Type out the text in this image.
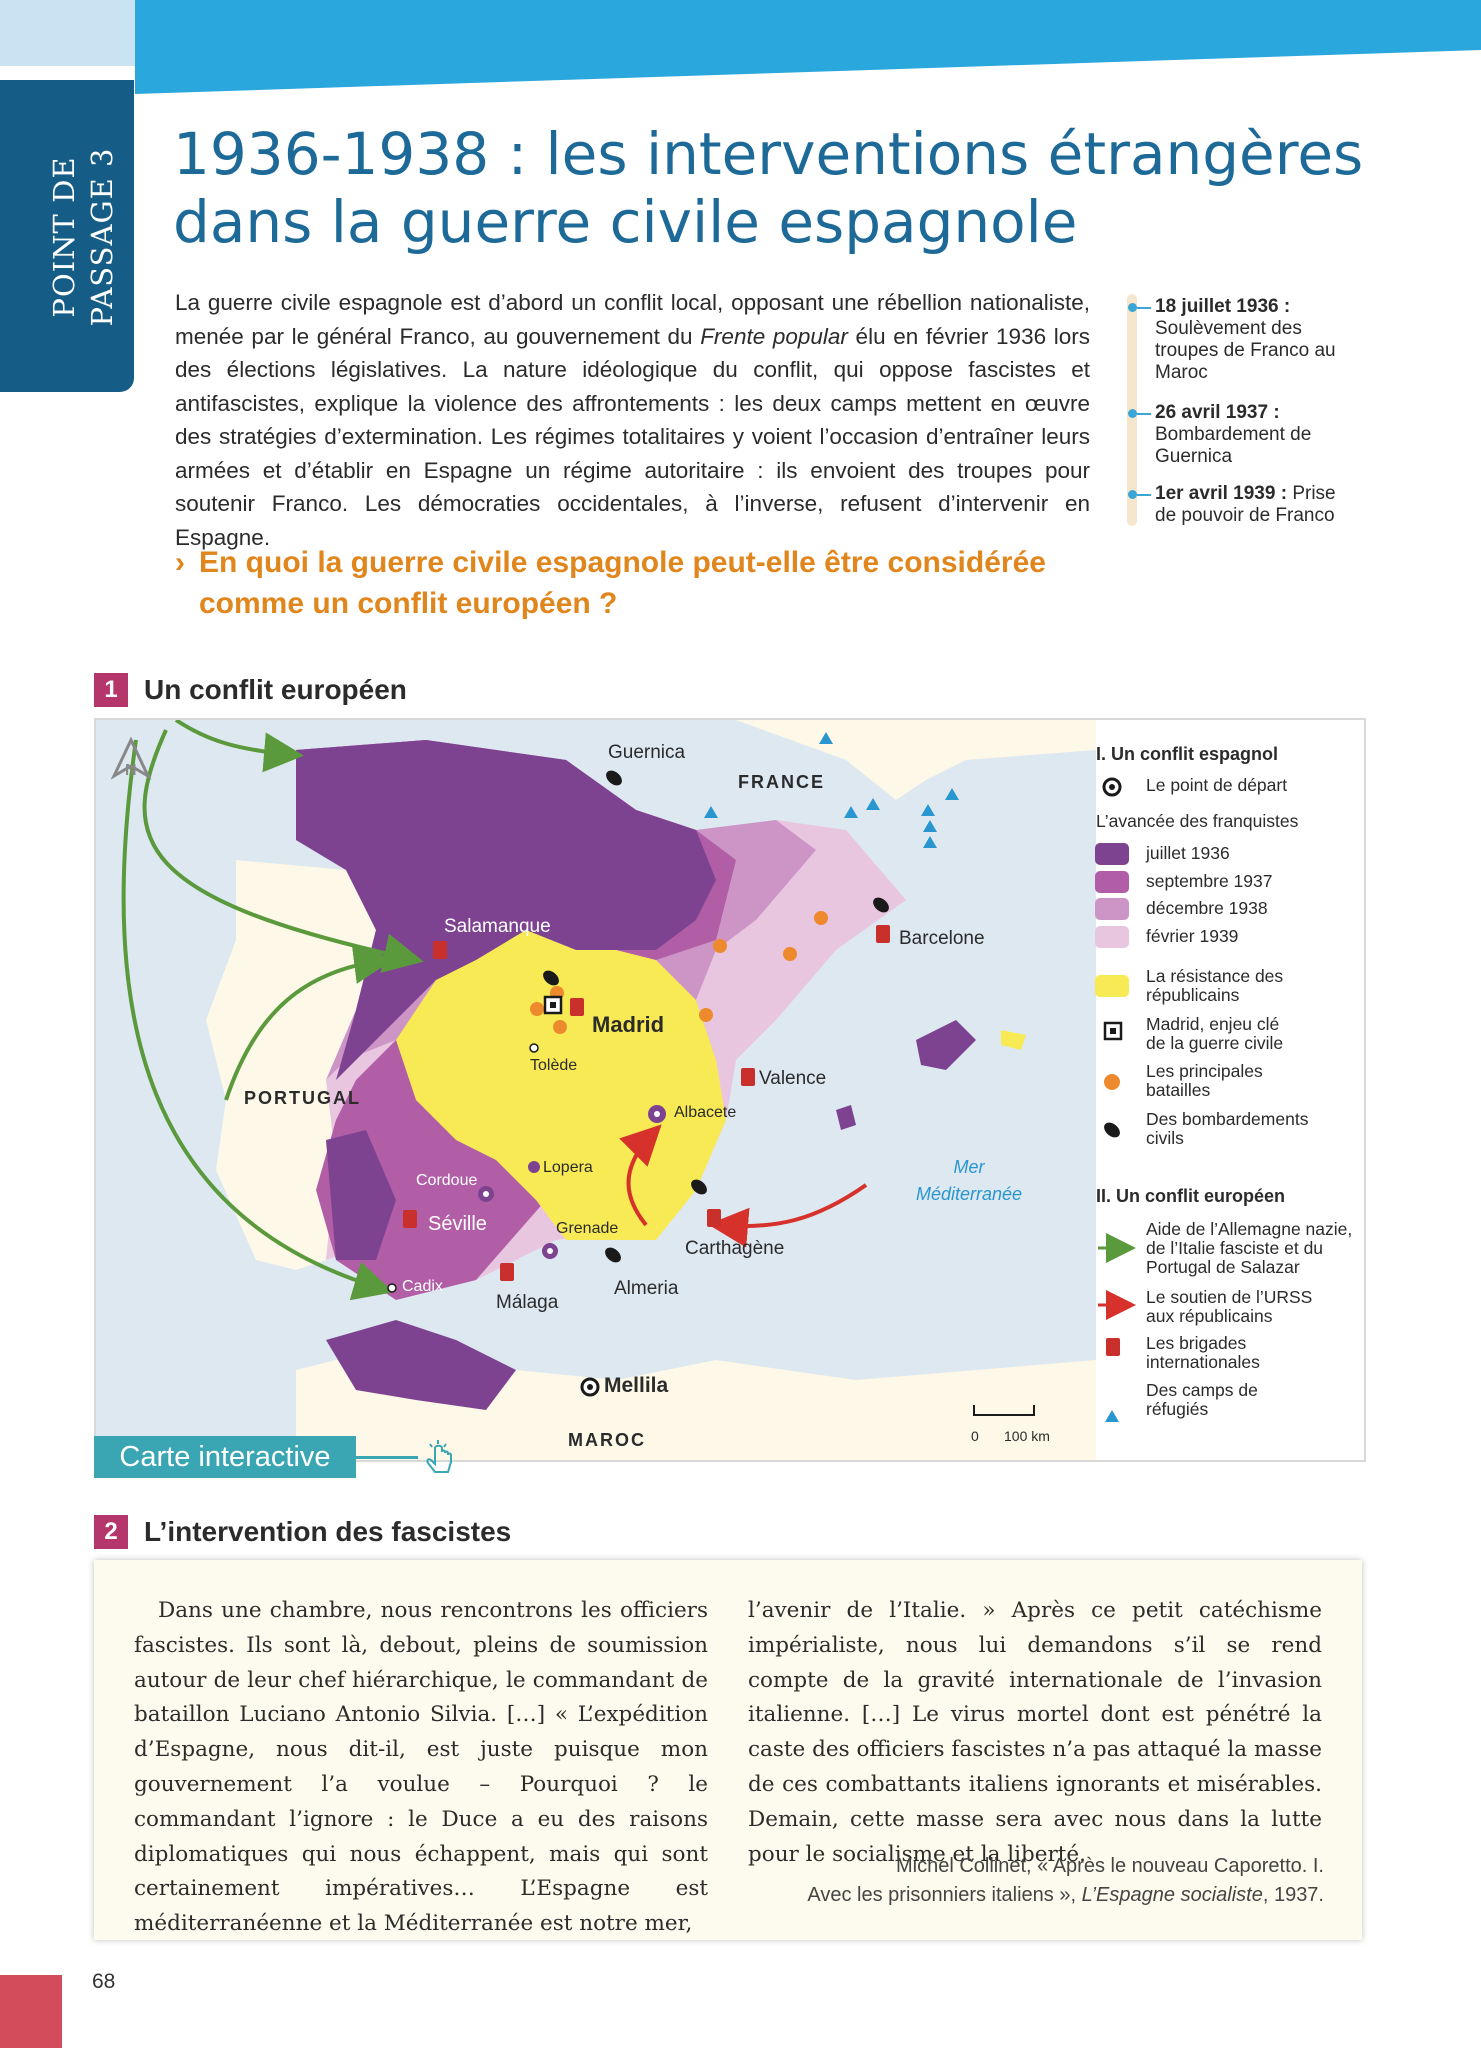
POINT DE PASSAGE 3 1936-1938 : les interventions étrangères dans la guerre civile espagnole
La guerre civile espagnole est d’abord un conflit local, opposant une rébellion nationaliste, menée par le général Franco, au gouvernement du Frente popular élu en février 1936 lors des élections législatives. La nature idéologique du conflit, qui oppose fascistes et antifascistes, explique la violence des affrontements : les deux camps mettent en œuvre des stratégies d’extermination. Les régimes totalitaires y voient l’occasion d’entraîner leurs armées et d’établir en Espagne un régime autoritaire : ils envoient des troupes pour soutenir Franco. Les démocraties occidentales, à l’inverse, refusent d’intervenir en Espagne.
18 juillet 1936 :
Soulèvement des troupes de Franco au Maroc
26 avril 1937 :
Bombardement de Guernica
1er avril 1939 : Prise de pouvoir de Franco
› En quoi la guerre civile espagnole peut-elle être considérée comme un conflit européen ?
1 Un conflit européen
Guernica
FRANCE
Salamanque
Barcelone
Madrid
Tolède
Valence
PORTUGAL
Albacete
Lopera
Cordoue
Séville	Grenade
Carthagène
Cadix
Málaga
Almeria
Mer Méditerranée
Mellila
MAROC
N
0 100 km
I. Un conflit espagnol
Le point de départ
L’avancée des franquistes
juillet 1936
septembre 1937
décembre 1938
février 1939
La résistance des républicains
Madrid, enjeu clé de la guerre civile
Les principales batailles
Des bombardements civils
II. Un conflit européen
Aide de l’Allemagne nazie, de l’Italie fasciste et du Portugal de Salazar
Le soutien de l’URSS aux républicains
Les brigades internationales
Des camps de réfugiés
Carte interactive
2 L’intervention des fascistes
Dans une chambre, nous rencontrons les officiers fascistes. Ils sont là, debout, pleins de soumission autour de leur chef hiérarchique, le commandant de bataillon Luciano Antonio Silvia. […] « L’expédition d’Espagne, nous dit-il, est juste puisque mon gouvernement l’a voulue – Pourquoi ? le commandant l’ignore : le Duce a eu des raisons diplomatiques qui nous échappent, mais qui sont certainement impératives… L’Espagne est méditerranéenne et la Méditerranée est notre mer,
l’avenir de l’Italie. » Après ce petit catéchisme impérialiste, nous lui demandons s’il se rend compte de la gravité internationale de l’invasion italienne. […] Le virus mortel dont est pénétré la caste des officiers fascistes n’a pas attaqué la masse de ces combattants italiens ignorants et misérables. Demain, cette masse sera avec nous dans la lutte pour le socialisme et la liberté.
Michel Collinet, « Après le nouveau Caporetto. I.
Avec les prisonniers italiens », L’Espagne socialiste, 1937.
68
